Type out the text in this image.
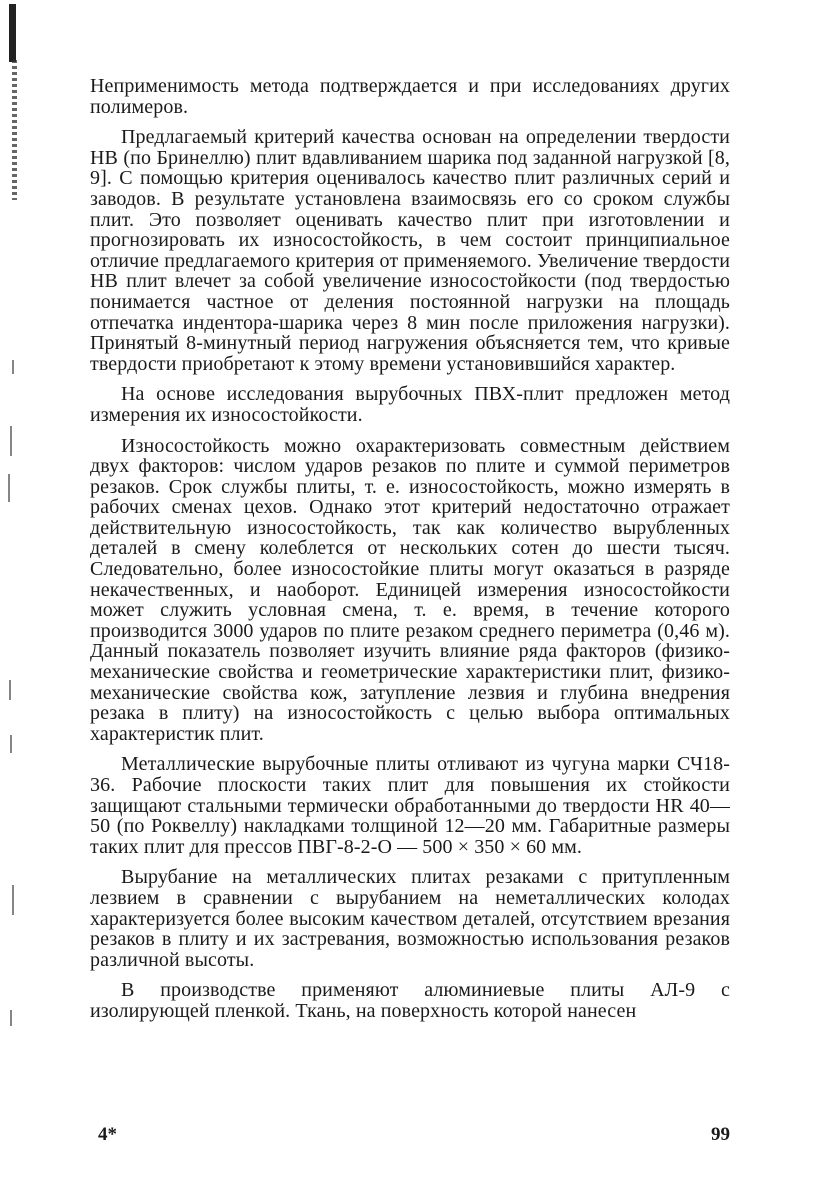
Неприменимость метода подтверждается и при исследованиях других полимеров.

Предлагаемый критерий качества основан на определении твердости НВ (по Бринеллю) плит вдавливанием шарика под заданной нагрузкой [8, 9]. С помощью критерия оценивалось качество плит различных серий и заводов. В результате установлена взаимосвязь его со сроком службы плит. Это позволяет оценивать качество плит при изготовлении и прогнозировать их износостойкость, в чем состоит принципиальное отличие предлагаемого критерия от применяемого. Увеличение твердости НВ плит влечет за собой увеличение износостойкости (под твердостью понимается частное от деления постоянной нагрузки на площадь отпечатка индентора-шарика через 8 мин после приложения нагрузки). Принятый 8-минутный период нагружения объясняется тем, что кривые твердости приобретают к этому времени установившийся характер.

На основе исследования вырубочных ПВХ-плит предложен метод измерения их износостойкости.

Износостойкость можно охарактеризовать совместным действием двух факторов: числом ударов резаков по плите и суммой периметров резаков. Срок службы плиты, т. е. износостойкость, можно измерять в рабочих сменах цехов. Однако этот критерий недостаточно отражает действительную износостойкость, так как количество вырубленных деталей в смену колеблется от нескольких сотен до шести тысяч. Следовательно, более износостойкие плиты могут оказаться в разряде некачественных, и наоборот. Единицей измерения износостойкости может служить условная смена, т. е. время, в течение которого производится 3000 ударов по плите резаком среднего периметра (0,46 м). Данный показатель позволяет изучить влияние ряда факторов (физико-механические свойства и геометрические характеристики плит, физико-механические свойства кож, затупление лезвия и глубина внедрения резака в плиту) на износостойкость с целью выбора оптимальных характеристик плит.

Металлические вырубочные плиты отливают из чугуна марки СЧ18-36. Рабочие плоскости таких плит для повышения их стойкости защищают стальными термически обработанными до твердости HR 40—50 (по Роквеллу) накладками толщиной 12—20 мм. Габаритные размеры таких плит для прессов ПВГ-8-2-О — 500 × 350 × 60 мм.

Вырубание на металлических плитах резаками с притупленным лезвием в сравнении с вырубанием на неметаллических колодах характеризуется более высоким качеством деталей, отсутствием врезания резаков в плиту и их застревания, возможностью использования резаков различной высоты.

В производстве применяют алюминиевые плиты АЛ-9 с изолирующей пленкой. Ткань, на поверхность которой нанесен

4*	99
